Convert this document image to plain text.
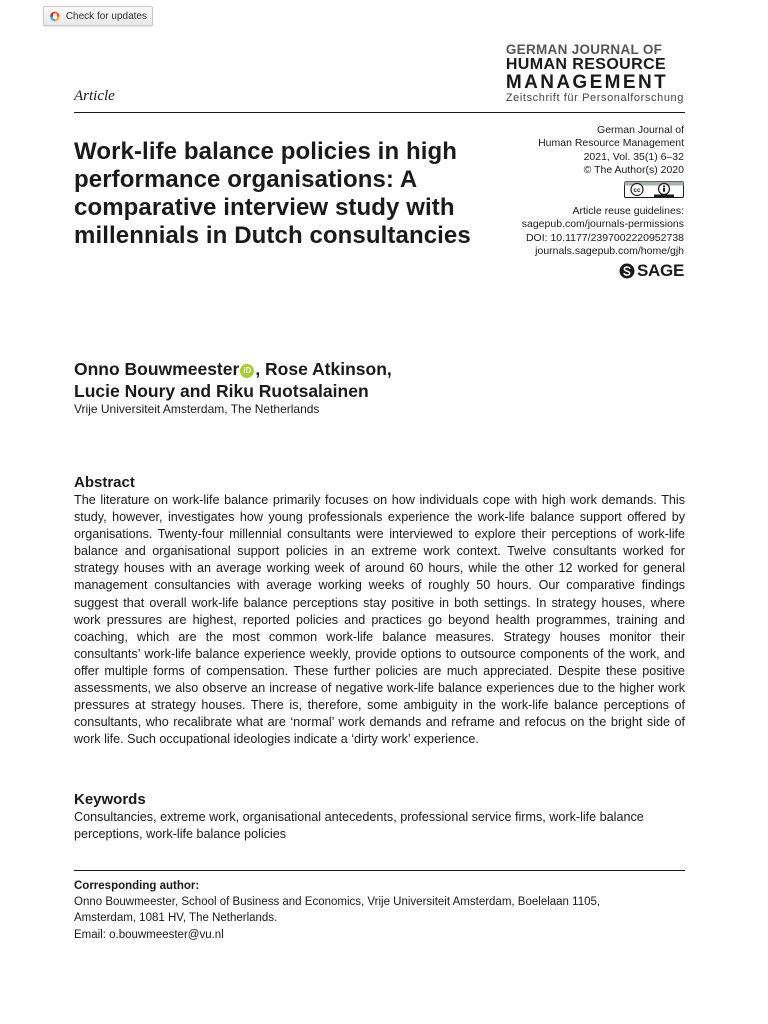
Check for updates
GERMAN JOURNAL OF
HUMAN RESOURCE
MANAGEMENT
Zeitschrift für Personalforschung
Article
Work-life balance policies in high performance organisations: A comparative interview study with millennials in Dutch consultancies
German Journal of
Human Resource Management
2021, Vol. 35(1) 6–32
© The Author(s) 2020
cc
Article reuse guidelines:
sagepub.com/journals-permissions
DOI: 10.1177/2397002220952738
journals.sagepub.com/home/gjh
SAGE
Onno Bouwmeester iD , Rose Atkinson,
Lucie Noury and Riku Ruotsalainen
Vrije Universiteit Amsterdam, The Netherlands
Abstract

The literature on work-life balance primarily focuses on how individuals cope with high work demands. This study, however, investigates how young professionals experience the work-life balance support offered by organisations. Twenty-four millennial consultants were interviewed to explore their perceptions of work-life balance and organisational support policies in an extreme work context. Twelve consultants worked for strategy houses with an average working week of around 60 hours, while the other 12 worked for general management consultancies with average working weeks of roughly 50 hours. Our comparative findings suggest that overall work-life balance perceptions stay positive in both settings. In strategy houses, where work pressures are highest, reported policies and practices go beyond health programmes, training and coaching, which are the most common work-life balance measures. Strategy houses monitor their consultants’ work-life balance experience weekly, provide options to outsource components of the work, and offer multiple forms of compensation. These further policies are much appreciated. Despite these positive assessments, we also observe an increase of negative work-life balance experiences due to the higher work pressures at strategy houses. There is, therefore, some ambiguity in the work-life balance perceptions of consultants, who recalibrate what are ‘normal’ work demands and reframe and refocus on the bright side of work life. Such occupational ideologies indicate a ‘dirty work’ experience.

Keywords

Consultancies, extreme work, organisational antecedents, professional service firms, work-life balance perceptions, work-life balance policies

Corresponding author:
Onno Bouwmeester, School of Business and Economics, Vrije Universiteit Amsterdam, Boelelaan 1105,
Amsterdam, 1081 HV, The Netherlands.
Email: o.bouwmeester@vu.nl
